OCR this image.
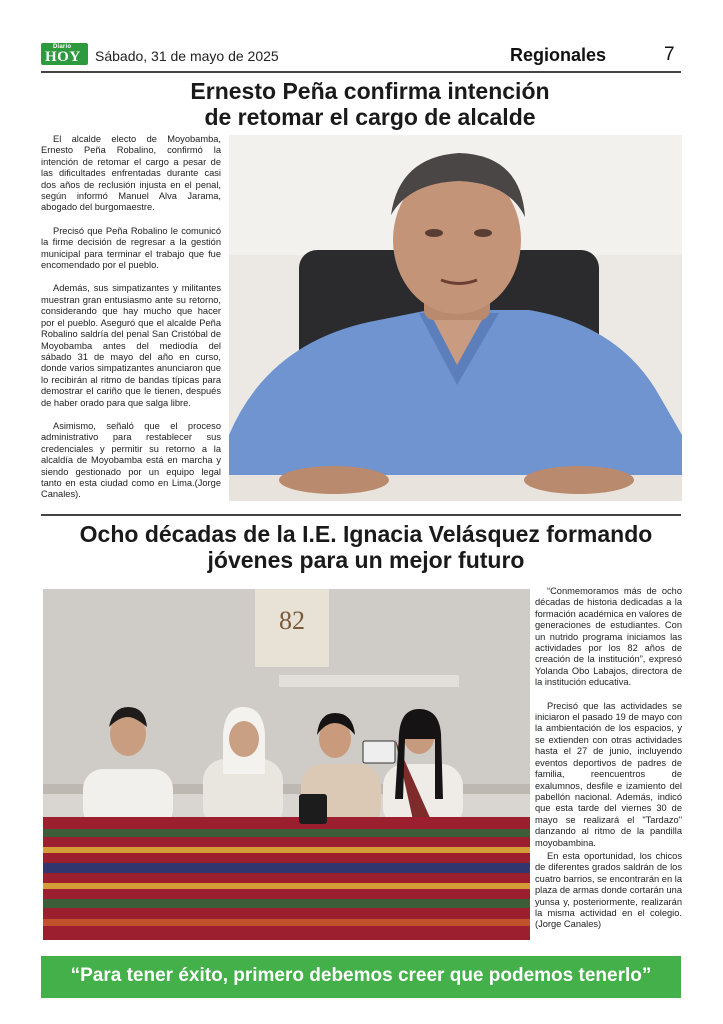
Diario
HOY Sábado, 31 de mayo de 2025	Regionales	7
Ernesto Peña confirma intención
de retomar el cargo de alcalde

El alcalde electo de Moyobamba, Ernesto Peña Robalino, confirmó la intención de retomar el cargo a pesar de las dificultades enfrentadas durante casi dos años de reclusión injusta en el penal, según informó Manuel Alva Jarama, abogado del burgomaestre.

Precisó que Peña Robalino le comunicó la firme decisión de regresar a la gestión municipal para terminar el trabajo que fue encomendado por el pueblo.

Además, sus simpatizantes y militantes muestran gran entusiasmo ante su retorno, considerando que hay mucho que hacer por el pueblo. Aseguró que el alcalde Peña Robalino saldría del penal San Cristóbal de Moyobamba antes del mediodía del sábado 31 de mayo del año en curso, donde varios simpatizantes anunciaron que lo recibirán al ritmo de bandas típicas para demostrar el cariño que le tienen, después de haber orado para que salga libre.

Asimismo, señaló que el proceso administrativo para restablecer sus credenciales y permitir su retorno a la alcaldía de Moyobamba está en marcha y siendo gestionado por un equipo legal tanto en esta ciudad como en Lima.(Jorge Canales).

Ocho décadas de la I.E. Ignacia Velásquez formando
jóvenes para un mejor futuro
82

“Conmemoramos más de ocho décadas de historia dedicadas a la formación académica en valores de generaciones de estudiantes. Con un nutrido programa iniciamos las actividades por los 82 años de creación de la institución”, expresó Yolanda Obo Labajos, directora de la institución educativa.

Precisó que las actividades se iniciaron el pasado 19 de mayo con la ambientación de los espacios, y se extienden con otras actividades hasta el 27 de junio, incluyendo eventos deportivos de padres de familia, reencuentros de exalumnos, desfile e izamiento del pabellón nacional. Además, indicó que esta tarde del viernes 30 de mayo se realizará el "Tardazo" danzando al ritmo de la pandilla moyobambina.

En esta oportunidad, los chicos de diferentes grados saldrán de los cuatro barrios, se encontrarán en la plaza de armas donde cortarán una yunsa y, posteriormente, realizarán la misma actividad en el colegio. (Jorge Canales)

“Para tener éxito, primero debemos creer que podemos tenerlo”
